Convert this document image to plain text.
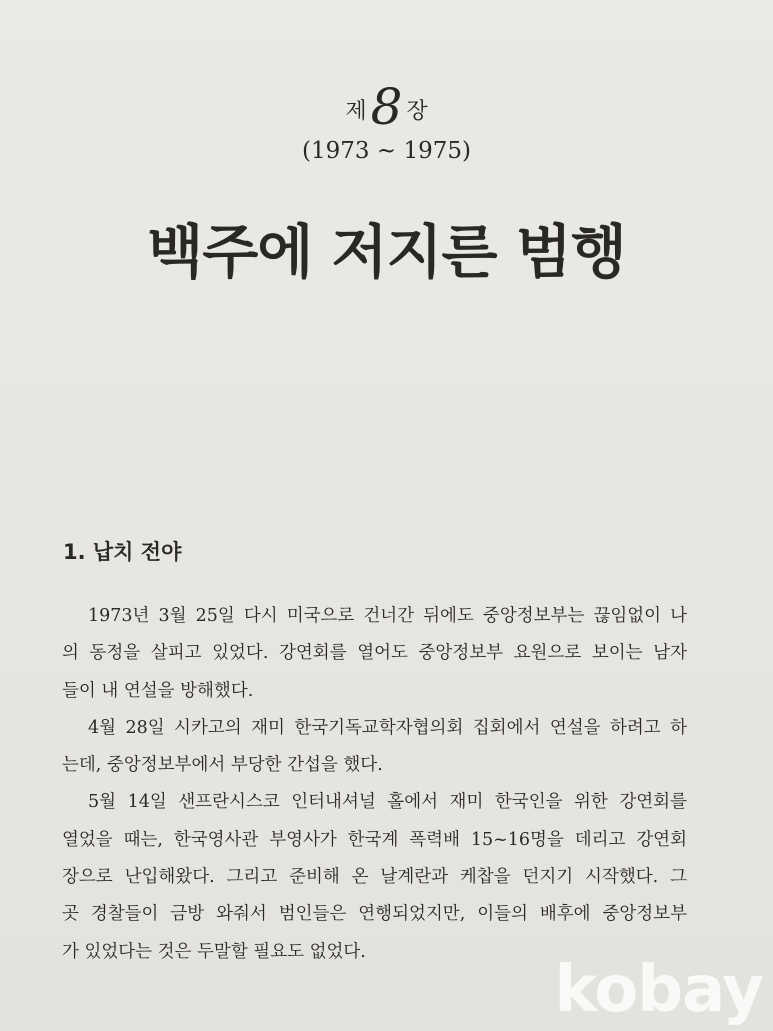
제8 장
(1973 ~ 1975)
백주에 저지른 범행
1. 납치 전야
1973년 3월 25일 다시 미국으로 건너간 뒤에도 중앙정보부는 끊임없이 나
의 동정을 살피고 있었다. 강연회를 열어도 중앙정보부 요원으로 보이는 남자
들이 내 연설을 방해했다.
4월 28일 시카고의 재미 한국기독교학자협의회 집회에서 연설을 하려고 하
는데, 중앙정보부에서 부당한 간섭을 했다.
5월 14일 샌프란시스코 인터내셔널 홀에서 재미 한국인을 위한 강연회를
열었을 때는, 한국영사관 부영사가 한국계 폭력배 15~16명을 데리고 강연회
장으로 난입해왔다. 그리고 준비해 온 날계란과 케찹을 던지기 시작했다. 그
곳 경찰들이 금방 와줘서 범인들은 연행되었지만, 이들의 배후에 중앙정보부
가 있었다는 것은 두말할 필요도 없었다.
kobay
